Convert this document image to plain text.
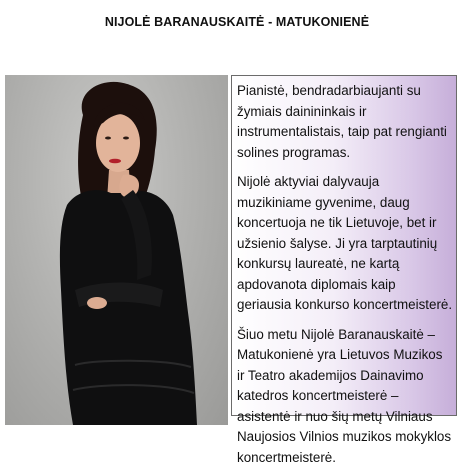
NIJOLĖ BARANAUSKAITĖ - MATUKONIENĖ

Pianistė, bendradarbiaujanti su žymiais dainininkais ir instrumentalistais, taip pat rengianti solines programas.

Nijolė aktyviai dalyvauja muzikiniame gyvenime, daug koncertuoja ne tik Lietuvoje, bet ir užsienio šalyse. Ji yra tarptautinių konkursų laureatė, ne kartą apdovanota diplomais kaip geriausia konkurso koncertmeisterė.

Šiuo metu Nijolė Baranauskaitė – Matukonienė yra Lietuvos Muzikos ir Teatro akademijos Dainavimo katedros koncertmeisterė – asistentė ir nuo šių metų Vilniaus Naujosios Vilnios muzikos mokyklos koncertmeisterė.
